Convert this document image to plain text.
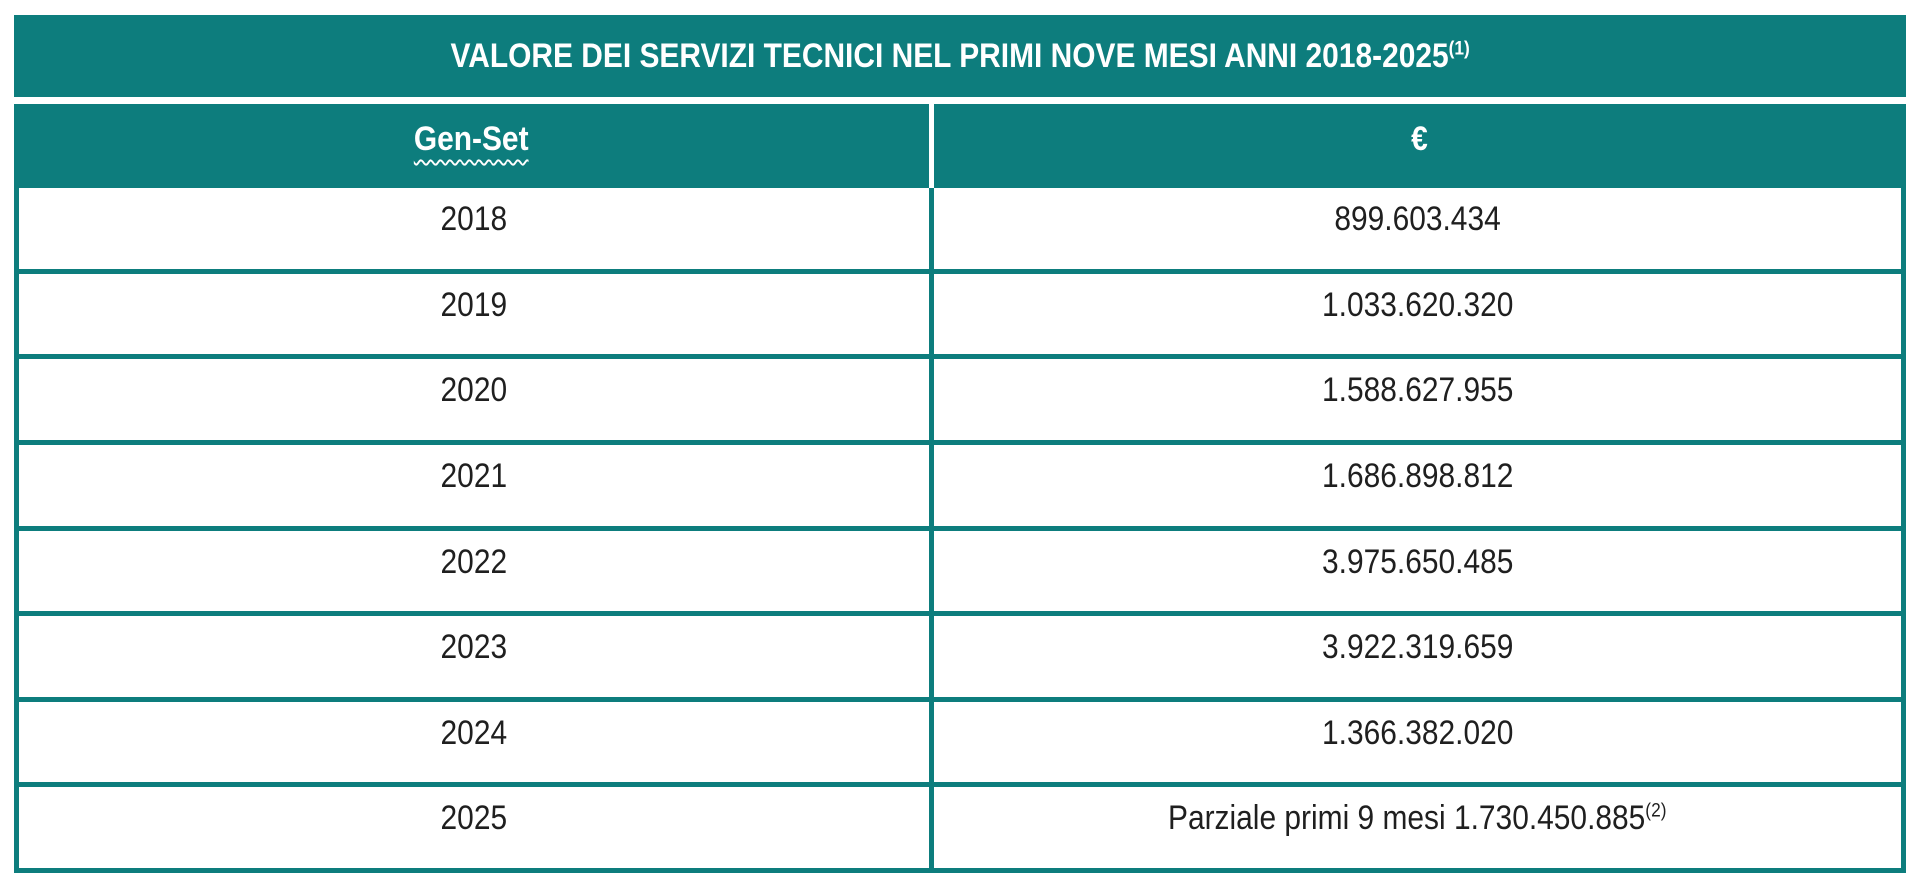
VALORE DEI SERVIZI TECNICI NEL PRIMI NOVE MESI ANNI 2018-2025$^{(1)}$
Gen-Set	€
2018	899.603.434
2019	1.033.620.320
2020	1.588.627.955
2021	1.686.898.812
2022	3.975.650.485
2023	3.922.319.659
2024	1.366.382.020
2025	Parziale primi 9 mesi 1.730.450.885$^{(2)}$
